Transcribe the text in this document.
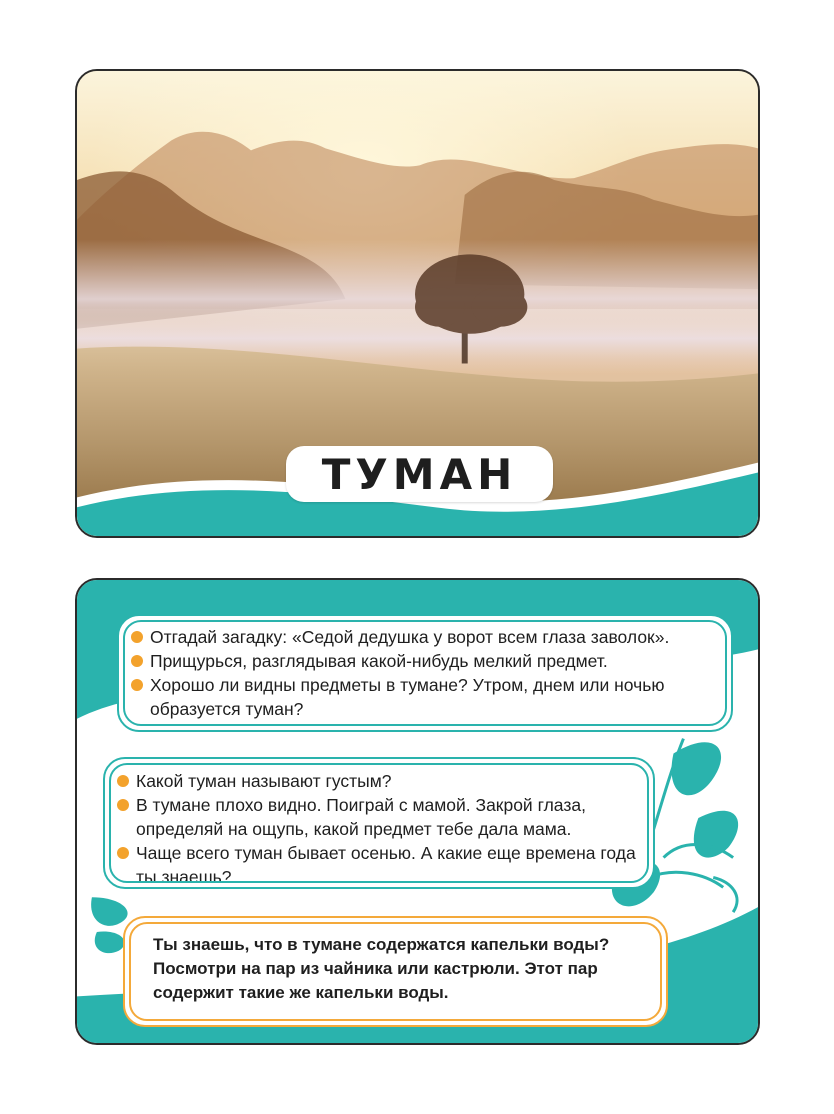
ТУМАН
Отгадай загадку: «Седой дедушка у ворот всем глаза заволок».
Прищурься, разглядывая какой-нибудь мелкий предмет.
Хорошо ли видны предметы в тумане? Утром, днем или ночью образуется туман?
Какой туман называют густым?
В тумане плохо видно. Поиграй с мамой. Закрой глаза, определяй на ощупь, какой предмет тебе дала мама.
Чаще всего туман бывает осенью. А какие еще времена года ты знаешь?
Ты знаешь, что в тумане содержатся капельки воды? Посмотри на пар из чайника или кастрюли. Этот пар содержит такие же капельки воды.
